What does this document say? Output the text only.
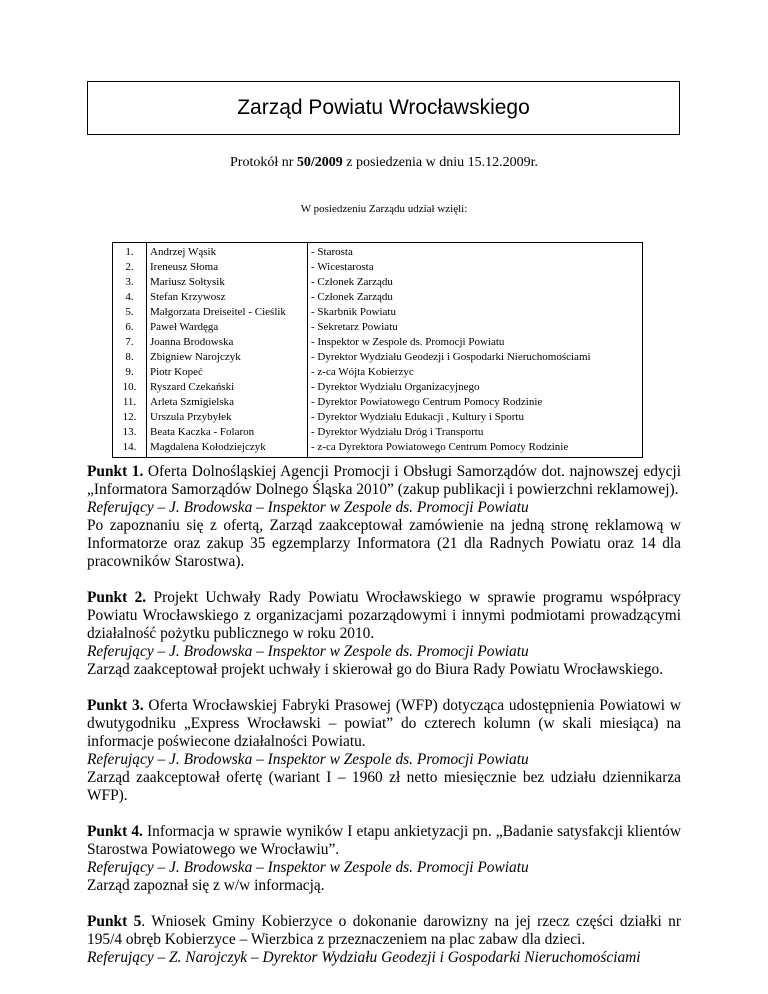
Zarząd Powiatu Wrocławskiego
Protokół nr 50/2009 z posiedzenia w dniu 15.12.2009r.
W posiedzeniu Zarządu udział wzięli:
1.	Andrzej Wąsik	- Starosta
2.	Ireneusz Słoma	- Wicestarosta
3.	Mariusz Sołtysik	- Członek Zarządu
4.	Stefan Krzywosz	- Członek Zarządu
5.	Małgorzata Dreiseitel - Cieślik	- Skarbnik Powiatu
6.	Paweł Wardęga	- Sekretarz Powiatu
7.	Joanna Brodowska	- Inspektor w Zespole ds. Promocji Powiatu
8.	Zbigniew Narojczyk	- Dyrektor Wydziału Geodezji i Gospodarki Nieruchomościami
9.	Piotr Kopeć	- z-ca Wójta Kobierzyc
10.	Ryszard Czekański	- Dyrektor Wydziału Organizacyjnego
11.	Arleta Szmigielska	- Dyrektor Powiatowego Centrum Pomocy Rodzinie
12.	Urszula Przybyłek	- Dyrektor Wydziału Edukacji , Kultury i Sportu
13.	Beata Kaczka - Folaron	- Dyrektor Wydziału Dróg i Transportu
14.	Magdalena Kołodziejczyk	- z-ca Dyrektora Powiatowego Centrum Pomocy Rodzinie

Punkt 1. Oferta Dolnośląskiej Agencji Promocji i Obsługi Samorządów dot. najnowszej edycji „Informatora Samorządów Dolnego Śląska 2010” (zakup publikacji i powierzchni reklamowej).

Referujący – J. Brodowska – Inspektor w Zespole ds. Promocji Powiatu

Po zapoznaniu się z ofertą, Zarząd zaakceptował zamówienie na jedną stronę reklamową w Informatorze oraz zakup 35 egzemplarzy Informatora (21 dla Radnych Powiatu oraz 14 dla pracowników Starostwa).

Punkt 2. Projekt Uchwały Rady Powiatu Wrocławskiego w sprawie programu współpracy Powiatu Wrocławskiego z organizacjami pozarządowymi i innymi podmiotami prowadzącymi działalność pożytku publicznego w roku 2010.

Referujący – J. Brodowska – Inspektor w Zespole ds. Promocji Powiatu

Zarząd zaakceptował projekt uchwały i skierował go do Biura Rady Powiatu Wrocławskiego.

Punkt 3. Oferta Wrocławskiej Fabryki Prasowej (WFP) dotycząca udostępnienia Powiatowi w dwutygodniku „Express Wrocławski – powiat” do czterech kolumn (w skali miesiąca) na informacje poświecone działalności Powiatu.

Referujący – J. Brodowska – Inspektor w Zespole ds. Promocji Powiatu

Zarząd zaakceptował ofertę (wariant I – 1960 zł netto miesięcznie bez udziału dziennikarza WFP).

Punkt 4. Informacja w sprawie wyników I etapu ankietyzacji pn. „Badanie satysfakcji klientów Starostwa Powiatowego we Wrocławiu”.

Referujący – J. Brodowska – Inspektor w Zespole ds. Promocji Powiatu

Zarząd zapoznał się z w/w informacją.

Punkt 5. Wniosek Gminy Kobierzyce o dokonanie darowizny na jej rzecz części działki nr 195/4 obręb Kobierzyce – Wierzbica z przeznaczeniem na plac zabaw dla dzieci.

Referujący – Z. Narojczyk – Dyrektor Wydziału Geodezji i Gospodarki Nieruchomościami
